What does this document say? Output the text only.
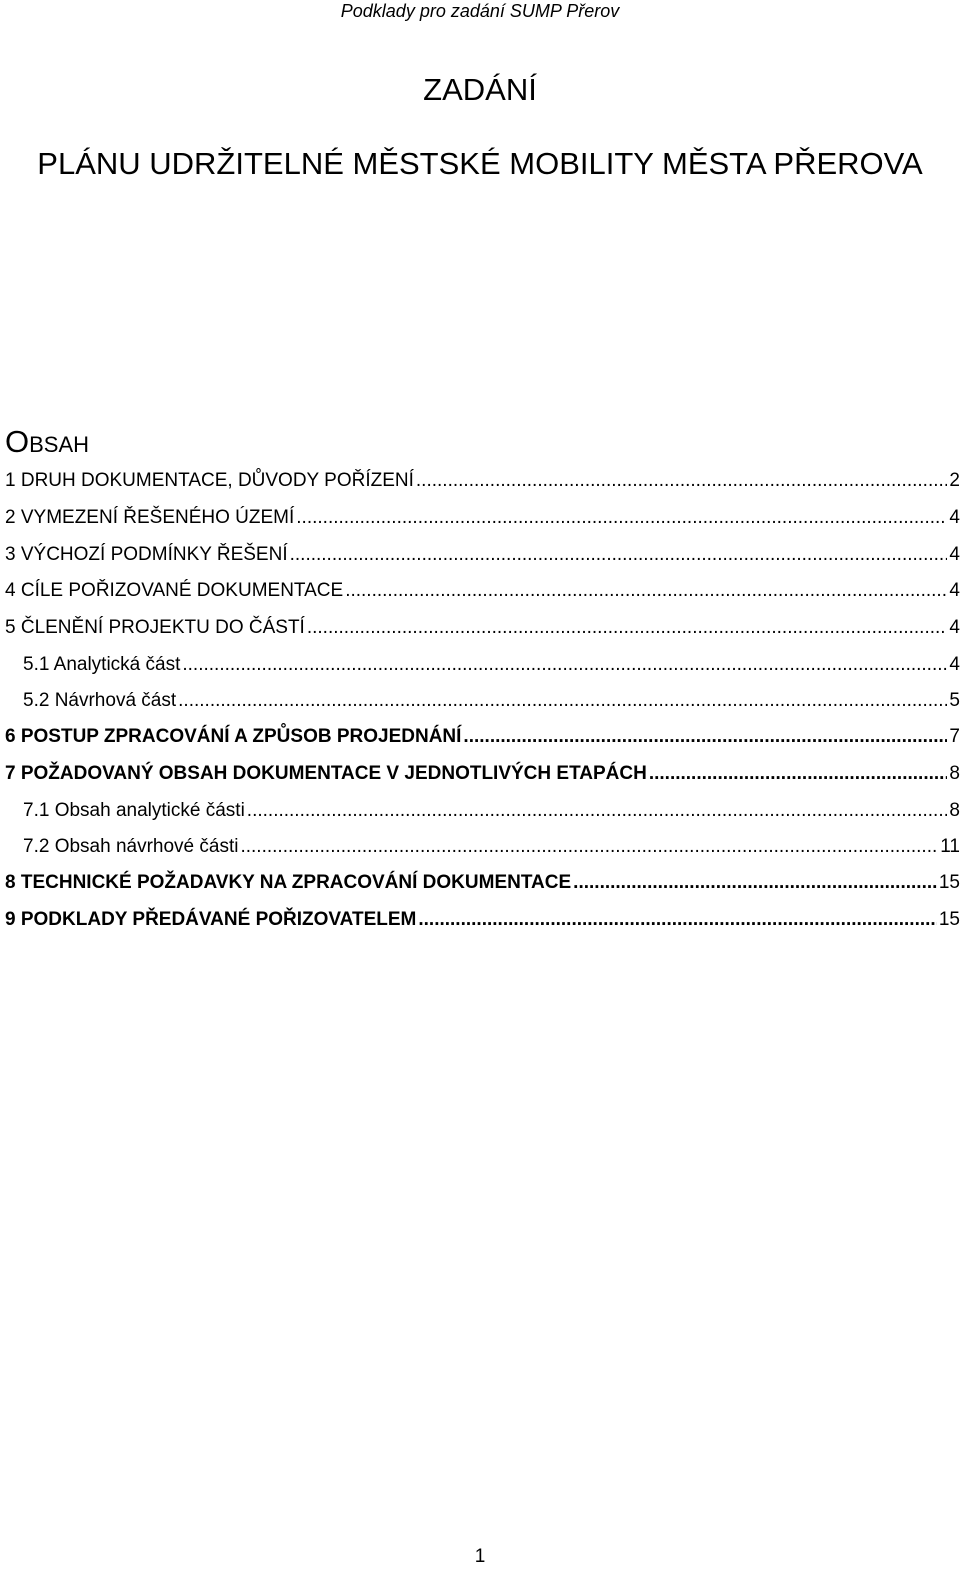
Podklady pro zadání SUMP Přerov
ZADÁNÍ
PLÁNU UDRŽITELNÉ MĚSTSKÉ MOBILITY MĚSTA PŘEROVA
Obsah
1 DRUH DOKUMENTACE, DŮVODY POŘÍZENÍ .....	2
2 VYMEZENÍ ŘEŠENÉHO ÚZEMÍ .....	4
3 VÝCHOZÍ PODMÍNKY ŘEŠENÍ .....	4
4 CÍLE POŘIZOVANÉ DOKUMENTACE .....	4
5 ČLENĚNÍ PROJEKTU DO ČÁSTÍ .....	4
5.1 Analytická část .....	4
5.2 Návrhová část .....	5
6 POSTUP ZPRACOVÁNÍ A ZPŮSOB PROJEDNÁNÍ .....	7
7 POŽADOVANÝ OBSAH DOKUMENTACE V JEDNOTLIVÝCH ETAPÁCH .....	8
7.1 Obsah analytické části .....	8
7.2 Obsah návrhové části .....	11
8 TECHNICKÉ POŽADAVKY NA ZPRACOVÁNÍ DOKUMENTACE .....	15
9 PODKLADY PŘEDÁVANÉ POŘIZOVATELEM .....	15
1
